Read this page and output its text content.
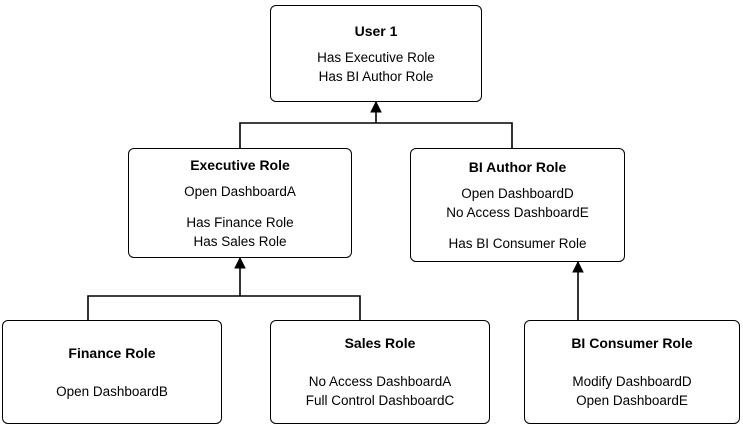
User 1
Has Executive Role
Has BI Author Role
Executive Role
Open DashboardA
Has Finance Role
Has Sales Role
BI Author Role
Open DashboardD
No Access DashboardE
Has BI Consumer Role
Finance Role
Open DashboardB
Sales Role
No Access DashboardA
Full Control DashboardC
BI Consumer Role
Modify DashboardD
Open DashboardE
